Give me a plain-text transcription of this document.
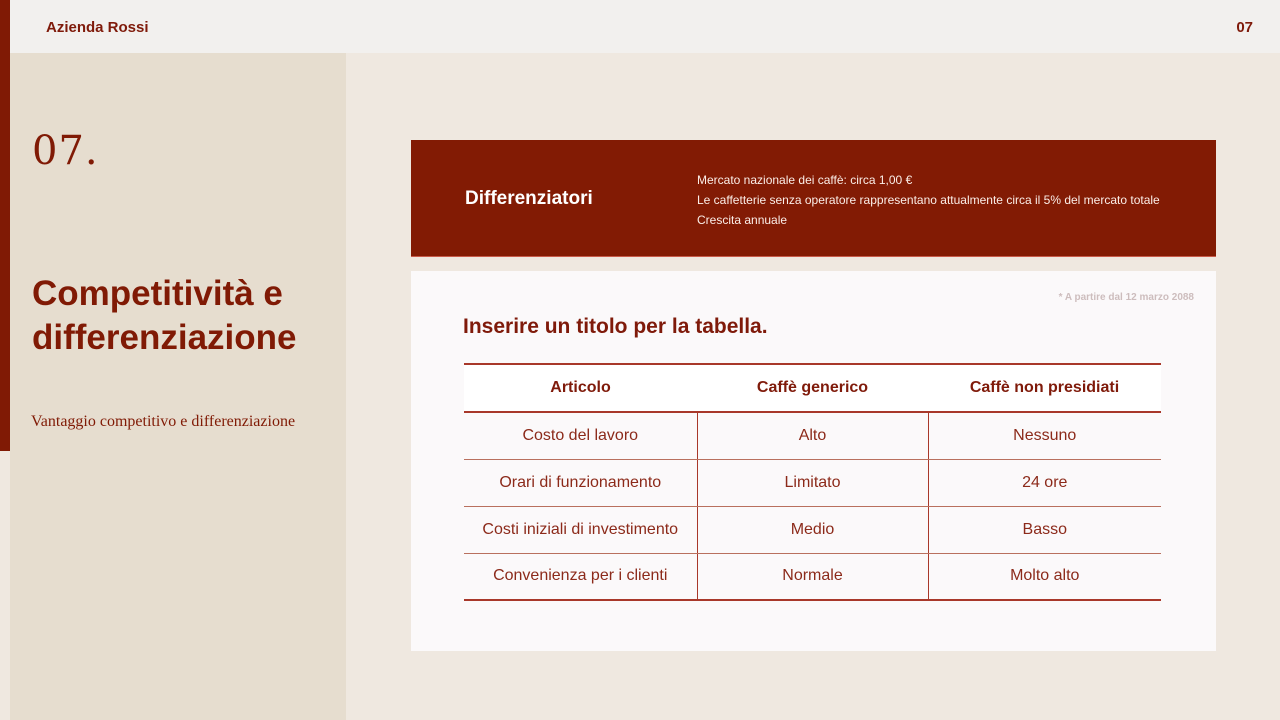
Azienda Rossi	07
07.
Competitività e differenziazione
Vantaggio competitivo e differenziazione
Differenziatori
Mercato nazionale dei caffè: circa 1,00 €
Le caffetterie senza operatore rappresentano attualmente circa il 5% del mercato totale
Crescita annuale
* A partire dal 12 marzo 2088
Inserire un titolo per la tabella.
Articolo	Caffè generico	Caffè non presidiati
Costo del lavoro	Alto	Nessuno
Orari di funzionamento	Limitato	24 ore
Costi iniziali di investimento	Medio	Basso
Convenienza per i clienti	Normale	Molto alto
